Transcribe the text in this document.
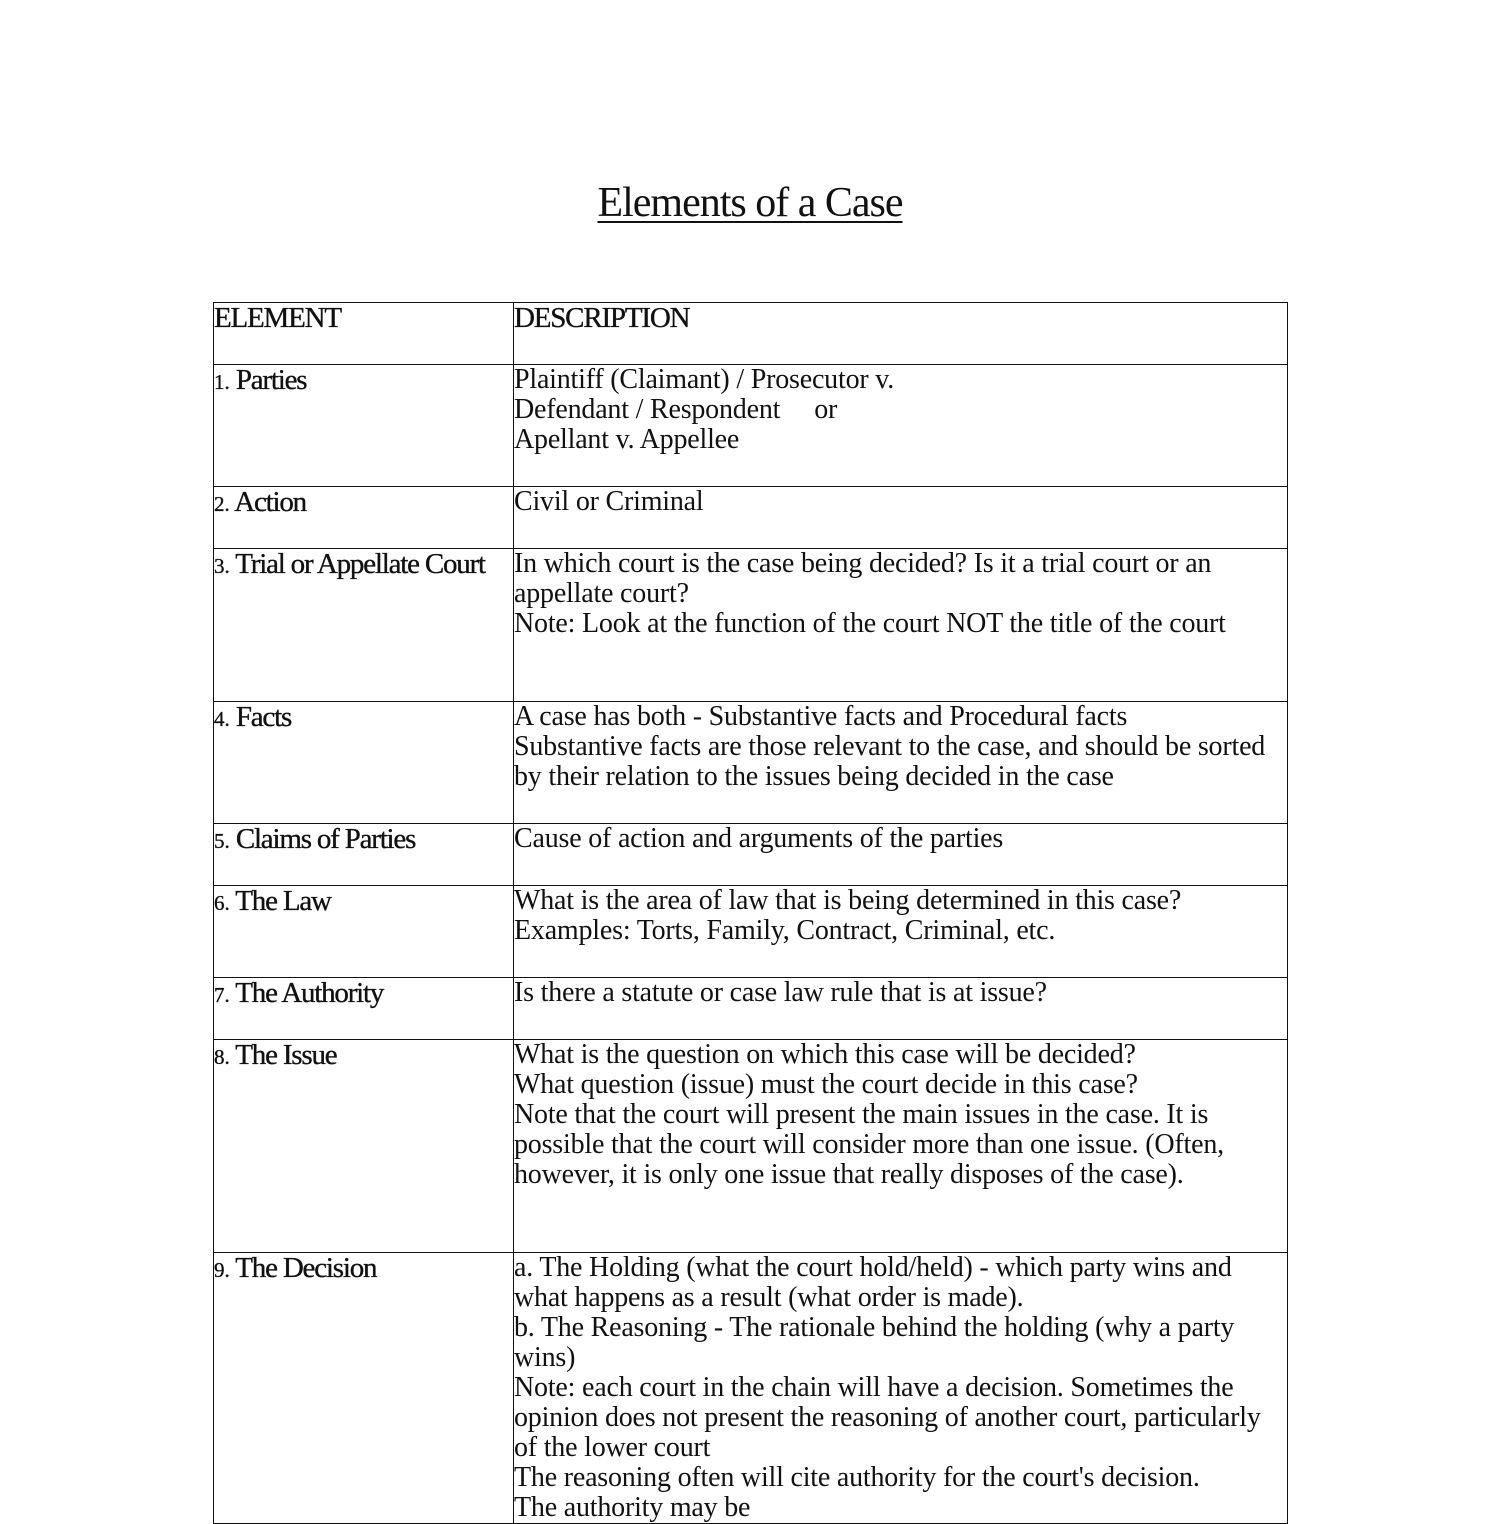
Elements of a Case
ELEMENT	DESCRIPTION
1. Parties	Plaintiff (Claimant) / Prosecutor v.
Defendant / Respondent     or
Apellant v. Appellee

2. Action	Civil or Criminal

3. Trial or Appellate Court	In which court is the case being decided? Is it a trial court or an appellate court?
Note: Look at the function of the court NOT the title of the court

4. Facts	A case has both - Substantive facts and Procedural facts
Substantive facts are those relevant to the case, and should be sorted by their relation to the issues being decided in the case

5. Claims of Parties	Cause of action and arguments of the parties

6. The Law	What is the area of law that is being determined in this case?
Examples: Torts, Family, Contract, Criminal, etc.

7. The Authority	Is there a statute or case law rule that is at issue?

8. The Issue	What is the question on which this case will be decided?
What question (issue) must the court decide in this case?
Note that the court will present the main issues in the case. It is possible that the court will consider more than one issue. (Often, however, it is only one issue that really disposes of the case).

9. The Decision	a. The Holding (what the court hold/held) - which party wins and what happens as a result (what order is made).
b. The Reasoning - The rationale behind the holding (why a party wins)
Note: each court in the chain will have a decision. Sometimes the opinion does not present the reasoning of another court, particularly of the lower court
The reasoning often will cite authority for the court's decision.
The authority may be
